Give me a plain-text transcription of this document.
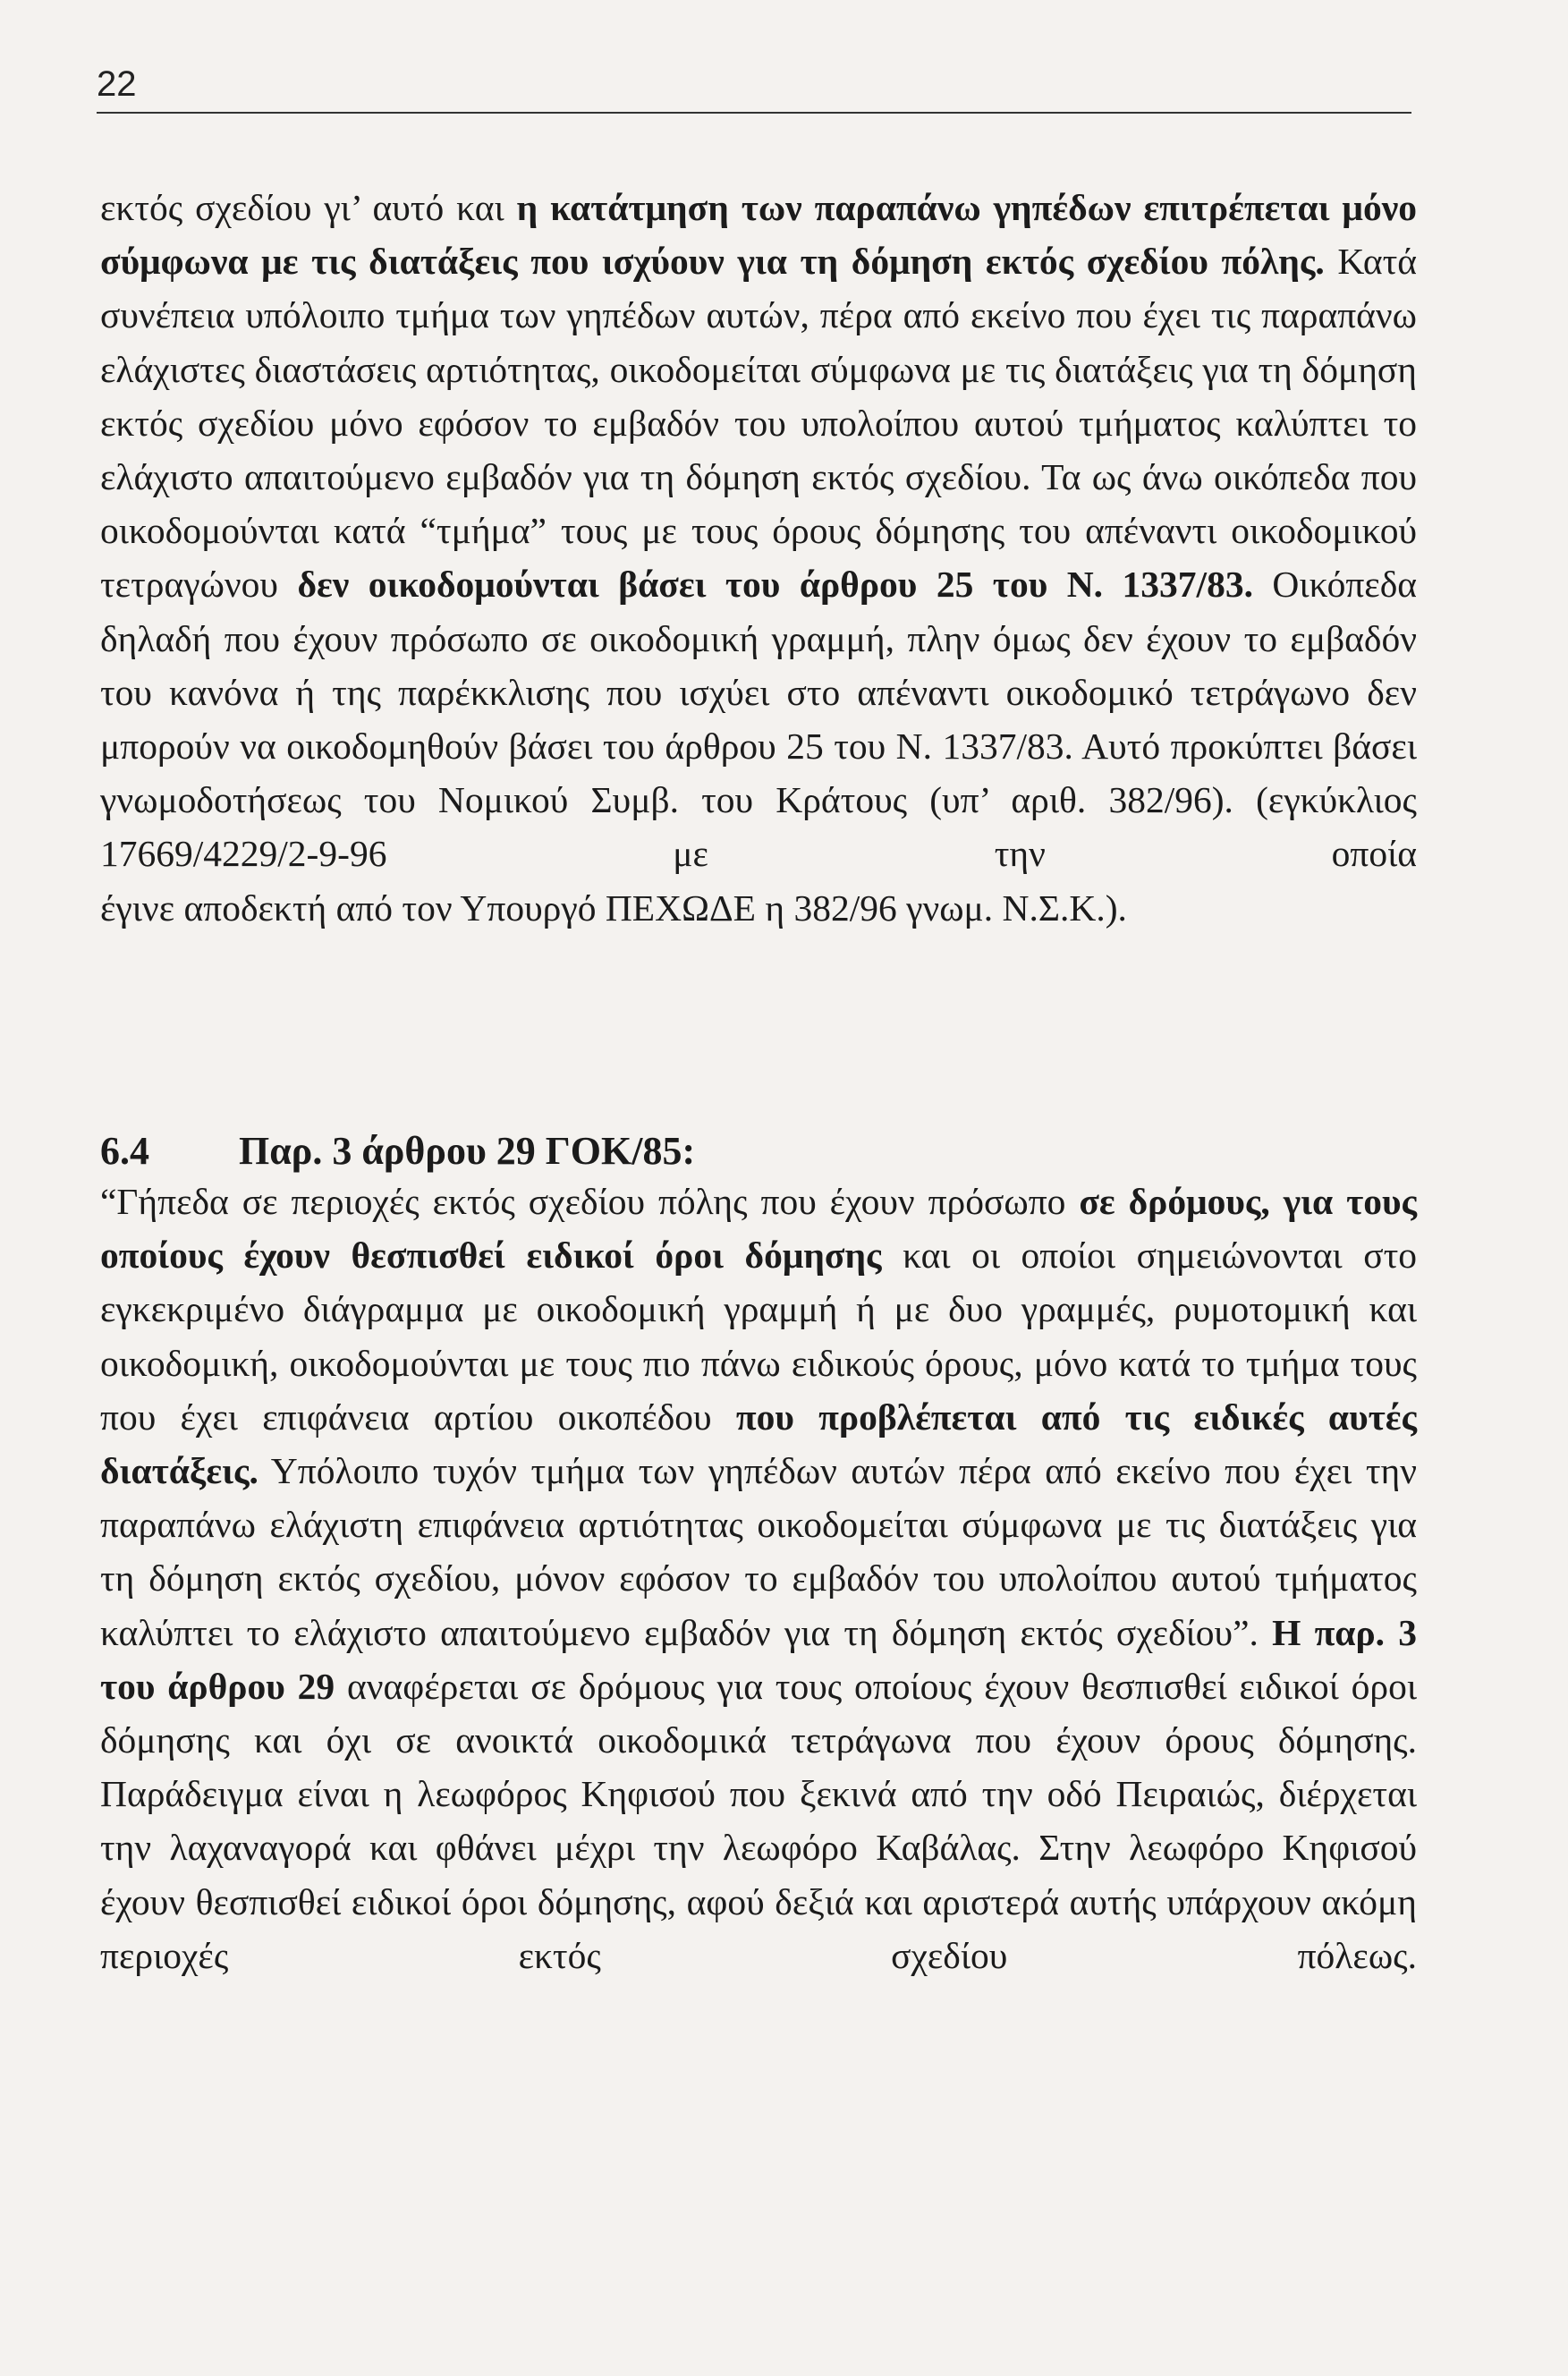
22
εκτός σχεδίου γι’ αυτό και η κατάτμηση των παραπάνω γηπέδων επιτρέπεται μόνο σύμφωνα με τις διατάξεις που ισχύουν για τη δόμηση εκτός σχεδίου πόλης. Κατά συνέπεια υπόλοιπο τμήμα των γηπέδων αυτών, πέρα από εκείνο που έχει τις παραπάνω ελάχιστες διαστάσεις αρτιότητας, οικοδομείται σύμφωνα με τις διατάξεις για τη δόμηση εκτός σχεδίου μόνο εφόσον το εμβαδόν του υπολοίπου αυτού τμήματος καλύπτει το ελάχιστο απαιτούμενο εμβαδόν για τη δόμηση εκτός σχεδίου. Τα ως άνω οικόπεδα που οικοδομούνται κατά “τμήμα” τους με τους όρους δόμησης του απέναντι οικοδομικού τετραγώνου δεν οικοδομούνται βάσει του άρθρου 25 του Ν. 1337/83. Οικόπεδα δηλαδή που έχουν πρόσωπο σε οικοδομική γραμμή, πλην όμως δεν έχουν το εμβαδόν του κανόνα ή της παρέκκλισης που ισχύει στο απέναντι οικοδομικό τετράγωνο δεν μπορούν να οικοδομηθούν βάσει του άρθρου 25 του Ν. 1337/83. Αυτό προκύπτει βάσει γνωμοδοτήσεως του Νομικού Συμβ. του Κράτους (υπ’ αριθ. 382/96). (εγκύκλιος 17669/4229/2-9-96 με την οποία
έγινε αποδεκτή από τον Υπουργό ΠΕΧΩΔΕ η 382/96 γνωμ. Ν.Σ.Κ.).
6.4 Παρ. 3 άρθρου 29 ΓΟΚ/85:
“Γήπεδα σε περιοχές εκτός σχεδίου πόλης που έχουν πρόσωπο σε δρόμους, για τους οποίους έχουν θεσπισθεί ειδικοί όροι δόμησης και οι οποίοι σημειώνονται στο εγκεκριμένο διάγραμμα με οικοδομική γραμμή ή με δυο γραμμές, ρυμοτομική και οικοδομική, οικοδομούνται με τους πιο πάνω ειδικούς όρους, μόνο κατά το τμήμα τους που έχει επιφάνεια αρτίου οικοπέδου που προβλέπεται από τις ειδικές αυτές διατάξεις. Υπόλοιπο τυχόν τμήμα των γηπέδων αυτών πέρα από εκείνο που έχει την παραπάνω ελάχιστη επιφάνεια αρτιότητας οικοδομείται σύμφωνα με τις διατάξεις για τη δόμηση εκτός σχεδίου, μόνον εφόσον το εμβαδόν του υπολοίπου αυτού τμήματος καλύπτει το ελάχιστο απαιτούμενο εμβαδόν για τη δόμηση εκτός σχεδίου”. Η παρ. 3 του άρθρου 29 αναφέρεται σε δρόμους για τους οποίους έχουν θεσπισθεί ειδικοί όροι δόμησης και όχι σε ανοικτά οικοδομικά τετράγωνα που έχουν όρους δόμησης. Παράδειγμα είναι η λεωφόρος Κηφισού που ξεκινά από την οδό Πειραιώς, διέρχεται την λαχαναγορά και φθάνει μέχρι την λεωφόρο Καβάλας. Στην λεωφόρο Κηφισού έχουν θεσπισθεί ειδικοί όροι δόμησης, αφού δεξιά και αριστερά αυτής υπάρχουν ακόμη περιοχές εκτός σχεδίου πόλεως.
